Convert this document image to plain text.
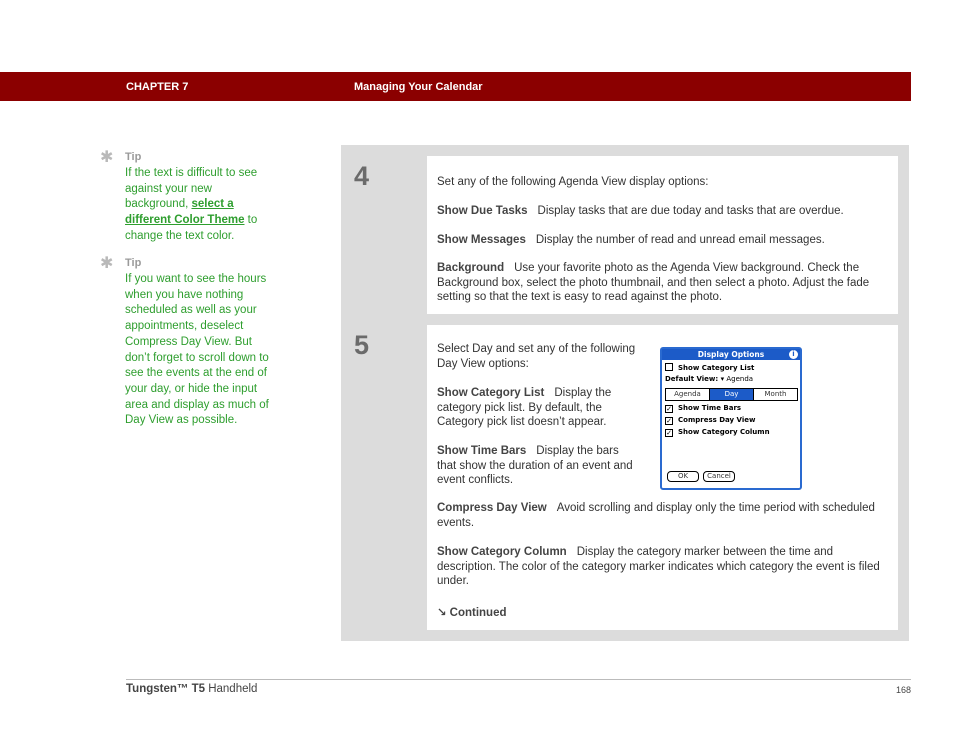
CHAPTER 7	Managing Your Calendar
✱ Tip
If the text is difficult to see against your new background, select a different Color Theme to change the text color.
✱ Tip
If you want to see the hours when you have nothing scheduled as well as your appointments, deselect Compress Day View. But don’t forget to scroll down to see the events at the end of your day, or hide the input area and display as much of Day View as possible.
4	Set any of the following Agenda View display options:
Show Due Tasks Display tasks that are due today and tasks that are overdue.
Show Messages Display the number of read and unread email messages.
Background Use your favorite photo as the Agenda View background. Check the Background box, select the photo thumbnail, and then select a photo. Adjust the fade setting so that the text is easy to read against the photo.
5	Select Day and set any of the following Day View options:
Show Category List Display the category pick list. By default, the Category pick list doesn’t appear.
Show Time Bars Display the bars that show the duration of an event and event conflicts.
Compress Day View Avoid scrolling and display only the time period with scheduled events.
Show Category Column Display the category marker between the time and description. The color of the category marker indicates which category the event is filed under.
↘ Continued
Display Options	i
Show Category List
Default View: ▾ Agenda
Agenda	Day	Month
✓ Show Time Bars
✓ Compress Day View
✓ Show Category Column
OK	Cancel
Tungsten™ T5 Handheld	168
